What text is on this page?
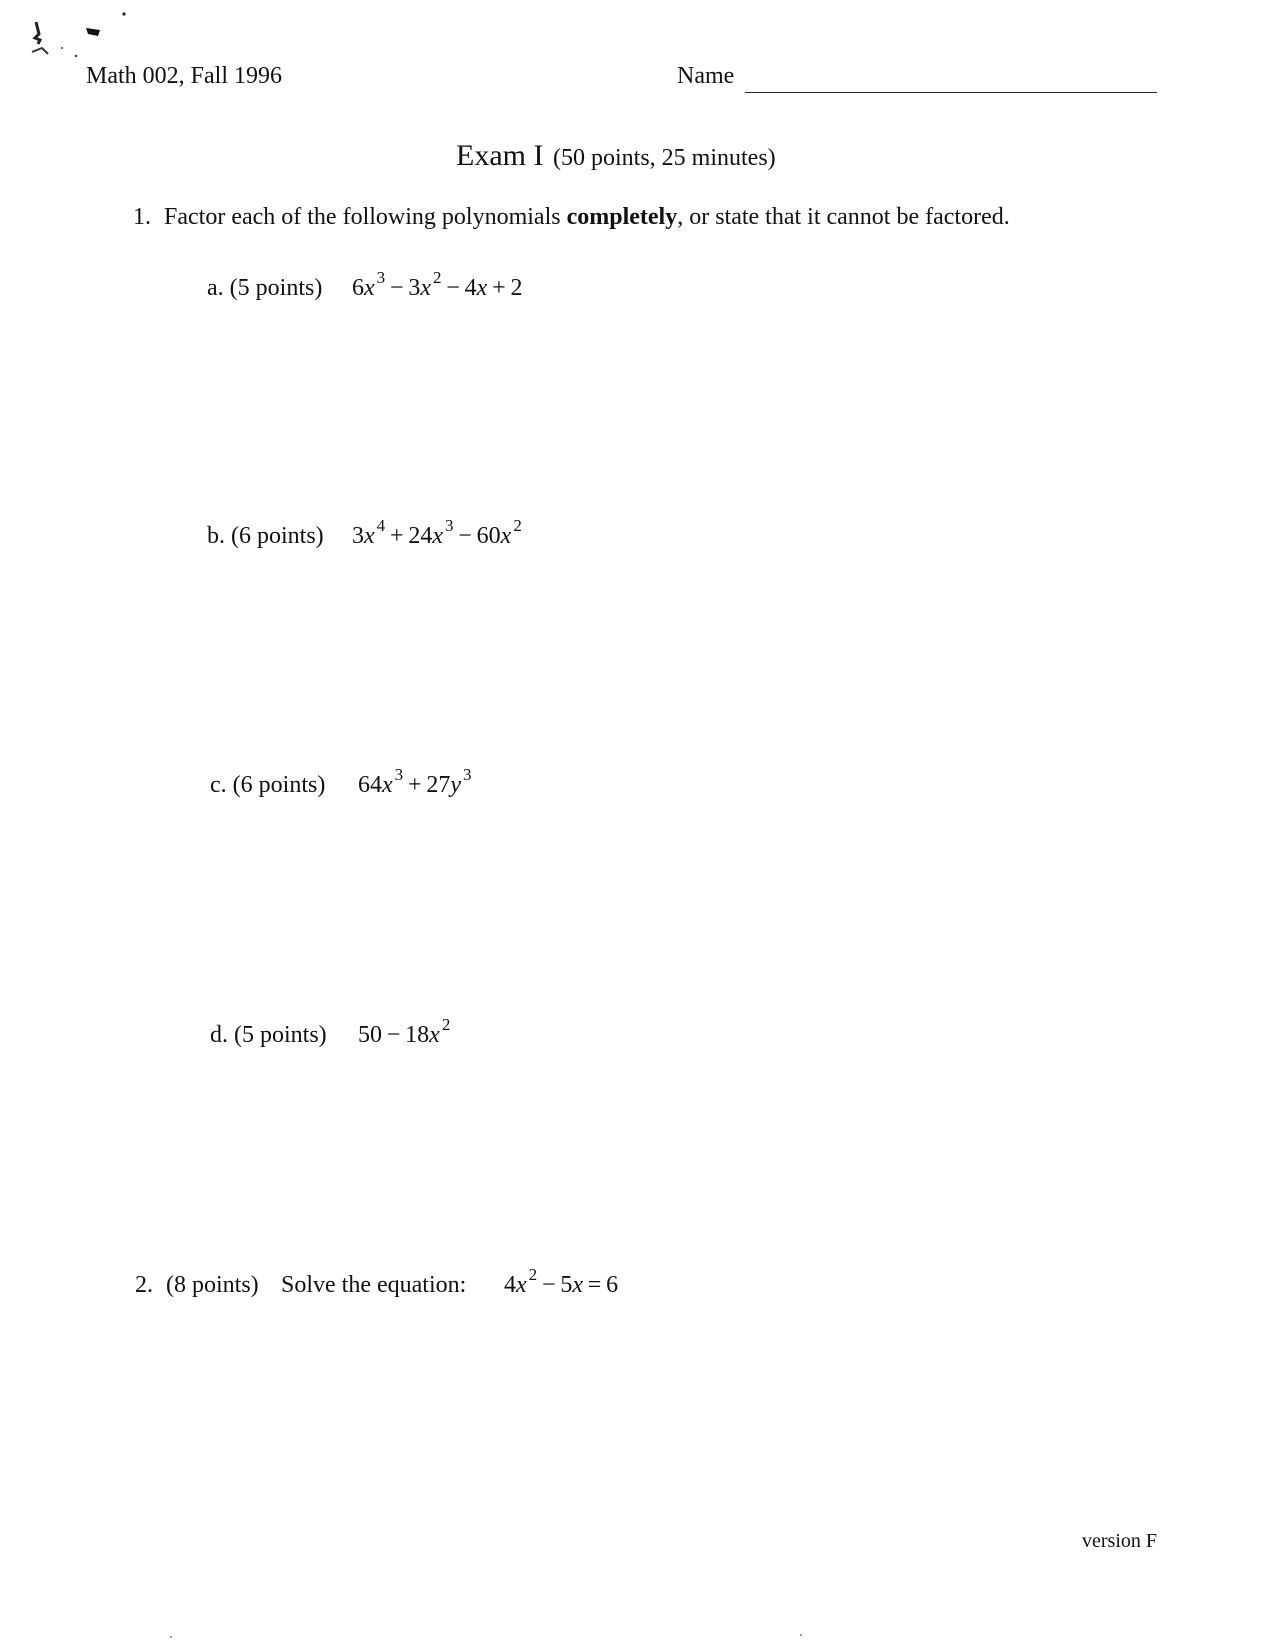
Math 002, Fall 1996	Name
Exam I (50 points, 25 minutes)
1. Factor each of the following polynomials completely, or state that it cannot be factored.
a. (5 points) 6x $^3$  −  3x $^2$  −  4x  +  2
b. (6 points) 3x $^4$  +  24x $^3$  −  60x $^2$
c. (6 points) 64x $^3$  +  27y $^3$
d. (5 points) 50  −  18x $^2$
2. (8 points) Solve the equation: 4x $^2$  −  5x  =  6
version F
